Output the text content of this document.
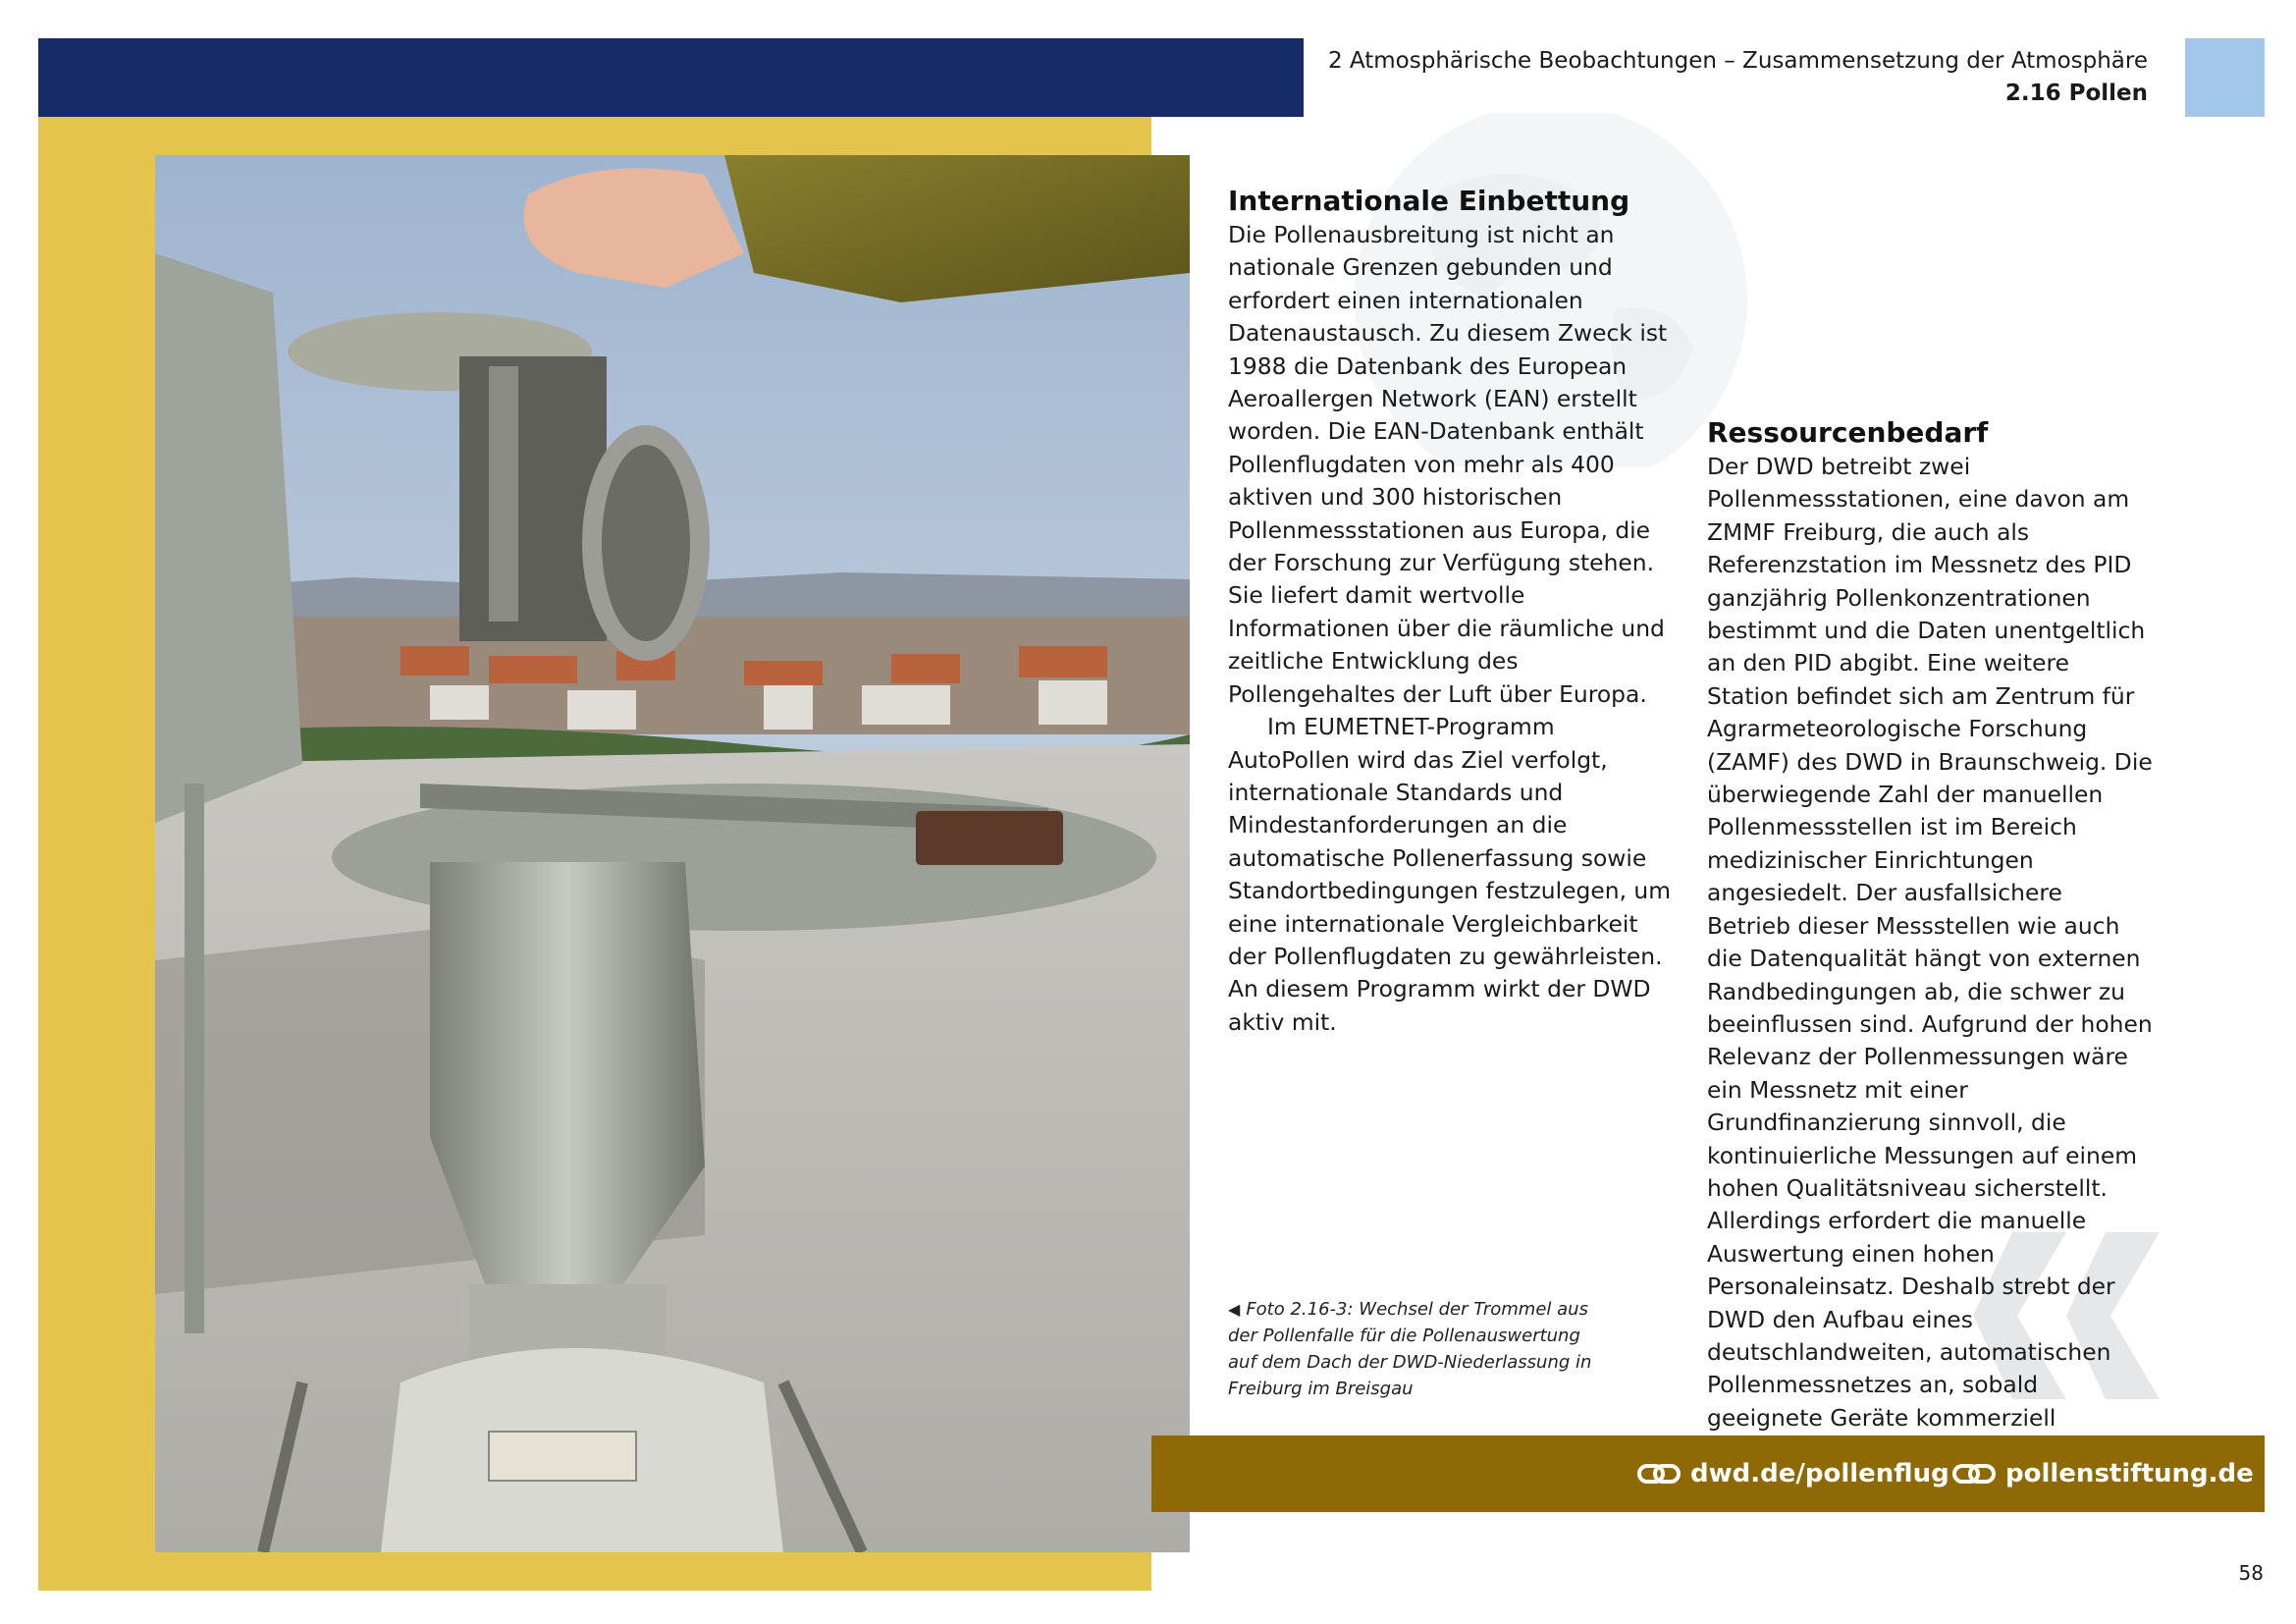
2 Atmosphärische Beobachtungen – Zusammensetzung der Atmosphäre
2.16 Pollen
Internationale Einbettung

Die Pollenausbreitung ist nicht an nationale Grenzen gebunden und erfordert einen internationalen Datenaustausch. Zu diesem Zweck ist 1988 die Datenbank des European Aeroallergen Network (EAN) erstellt worden. Die EAN-Datenbank enthält Pollenflugdaten von mehr als 400 aktiven und 300 historischen Pollenmessstationen aus Europa, die der Forschung zur Verfügung stehen. Sie liefert damit wertvolle Informationen über die räumliche und zeitliche Entwicklung des Pollengehaltes der Luft über Europa.

Im EUMETNET-Programm AutoPollen wird das Ziel verfolgt, internationale Standards und Mindestanforderungen an die automatische Pollenerfassung sowie Standortbedingungen festzulegen, um eine internationale Vergleichbarkeit der Pollenflugdaten zu gewährleisten. An diesem Programm wirkt der DWD aktiv mit.

Ressourcenbedarf

Der DWD betreibt zwei Pollenmessstationen, eine davon am ZMMF Freiburg, die auch als Referenzstation im Messnetz des PID ganzjährig Pollenkonzentrationen bestimmt und die Daten unentgeltlich an den PID abgibt. Eine weitere Station befindet sich am Zentrum für Agrarmeteorologische Forschung (ZAMF) des DWD in Braunschweig. Die überwiegende Zahl der manuellen Pollenmessstellen ist im Bereich medizinischer Einrichtungen angesiedelt. Der ausfallsichere Betrieb dieser Messstellen wie auch die Datenqualität hängt von externen Randbedingungen ab, die schwer zu beeinflussen sind. Aufgrund der hohen Relevanz der Pollenmessungen wäre ein Messnetz mit einer Grundfinanzierung sinnvoll, die kontinuierliche Messungen auf einem hohen Qualitätsniveau sicherstellt. Allerdings erfordert die manuelle Auswertung einen hohen Personaleinsatz. Deshalb strebt der DWD den Aufbau eines deutschlandweiten, automatischen Pollenmessnetzes an, sobald geeignete Geräte kommerziell

◀ Foto 2.16-3: Wechsel der Trommel aus der Pollenfalle für die Pollenauswertung auf dem Dach der DWD-Niederlassung in Freiburg im Breisgau
dwd.de/pollenflug pollenstiftung.de
58
